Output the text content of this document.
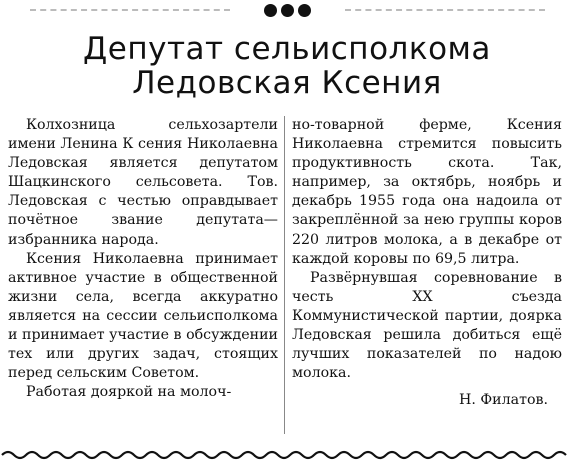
Депутат сельисполкома
Ледовская Ксения

Колхозница сельхозартели имени Ленина К сения Николаевна Ледовская является депутатом Шацкинского сельсовета. Тов. Ледовская с честью оправдывает почётное звание депутата— избранника народа.

Ксения Николаевна принимает активное участие в общественной жизни села, всегда аккуратно является на сессии сельисполкома и принимает участие в обсуждении тех или других задач, стоящих перед сельским Советом.

Работая дояркой на молоч-

но-товарной ферме, Ксения Николаевна стремится повысить продуктивность скота. Так, например, за октябрь, ноябрь и декабрь 1955 года она надоила от закреплённой за нею группы коров 220 литров молока, а в декабре от каждой коровы по 69,5 литра.

Развёрнувшая соревнование в честь XX съезда Коммунистической партии, доярка Ледовская решила добиться ещё лучших показателей по надою молока.

Н. Филатов.
